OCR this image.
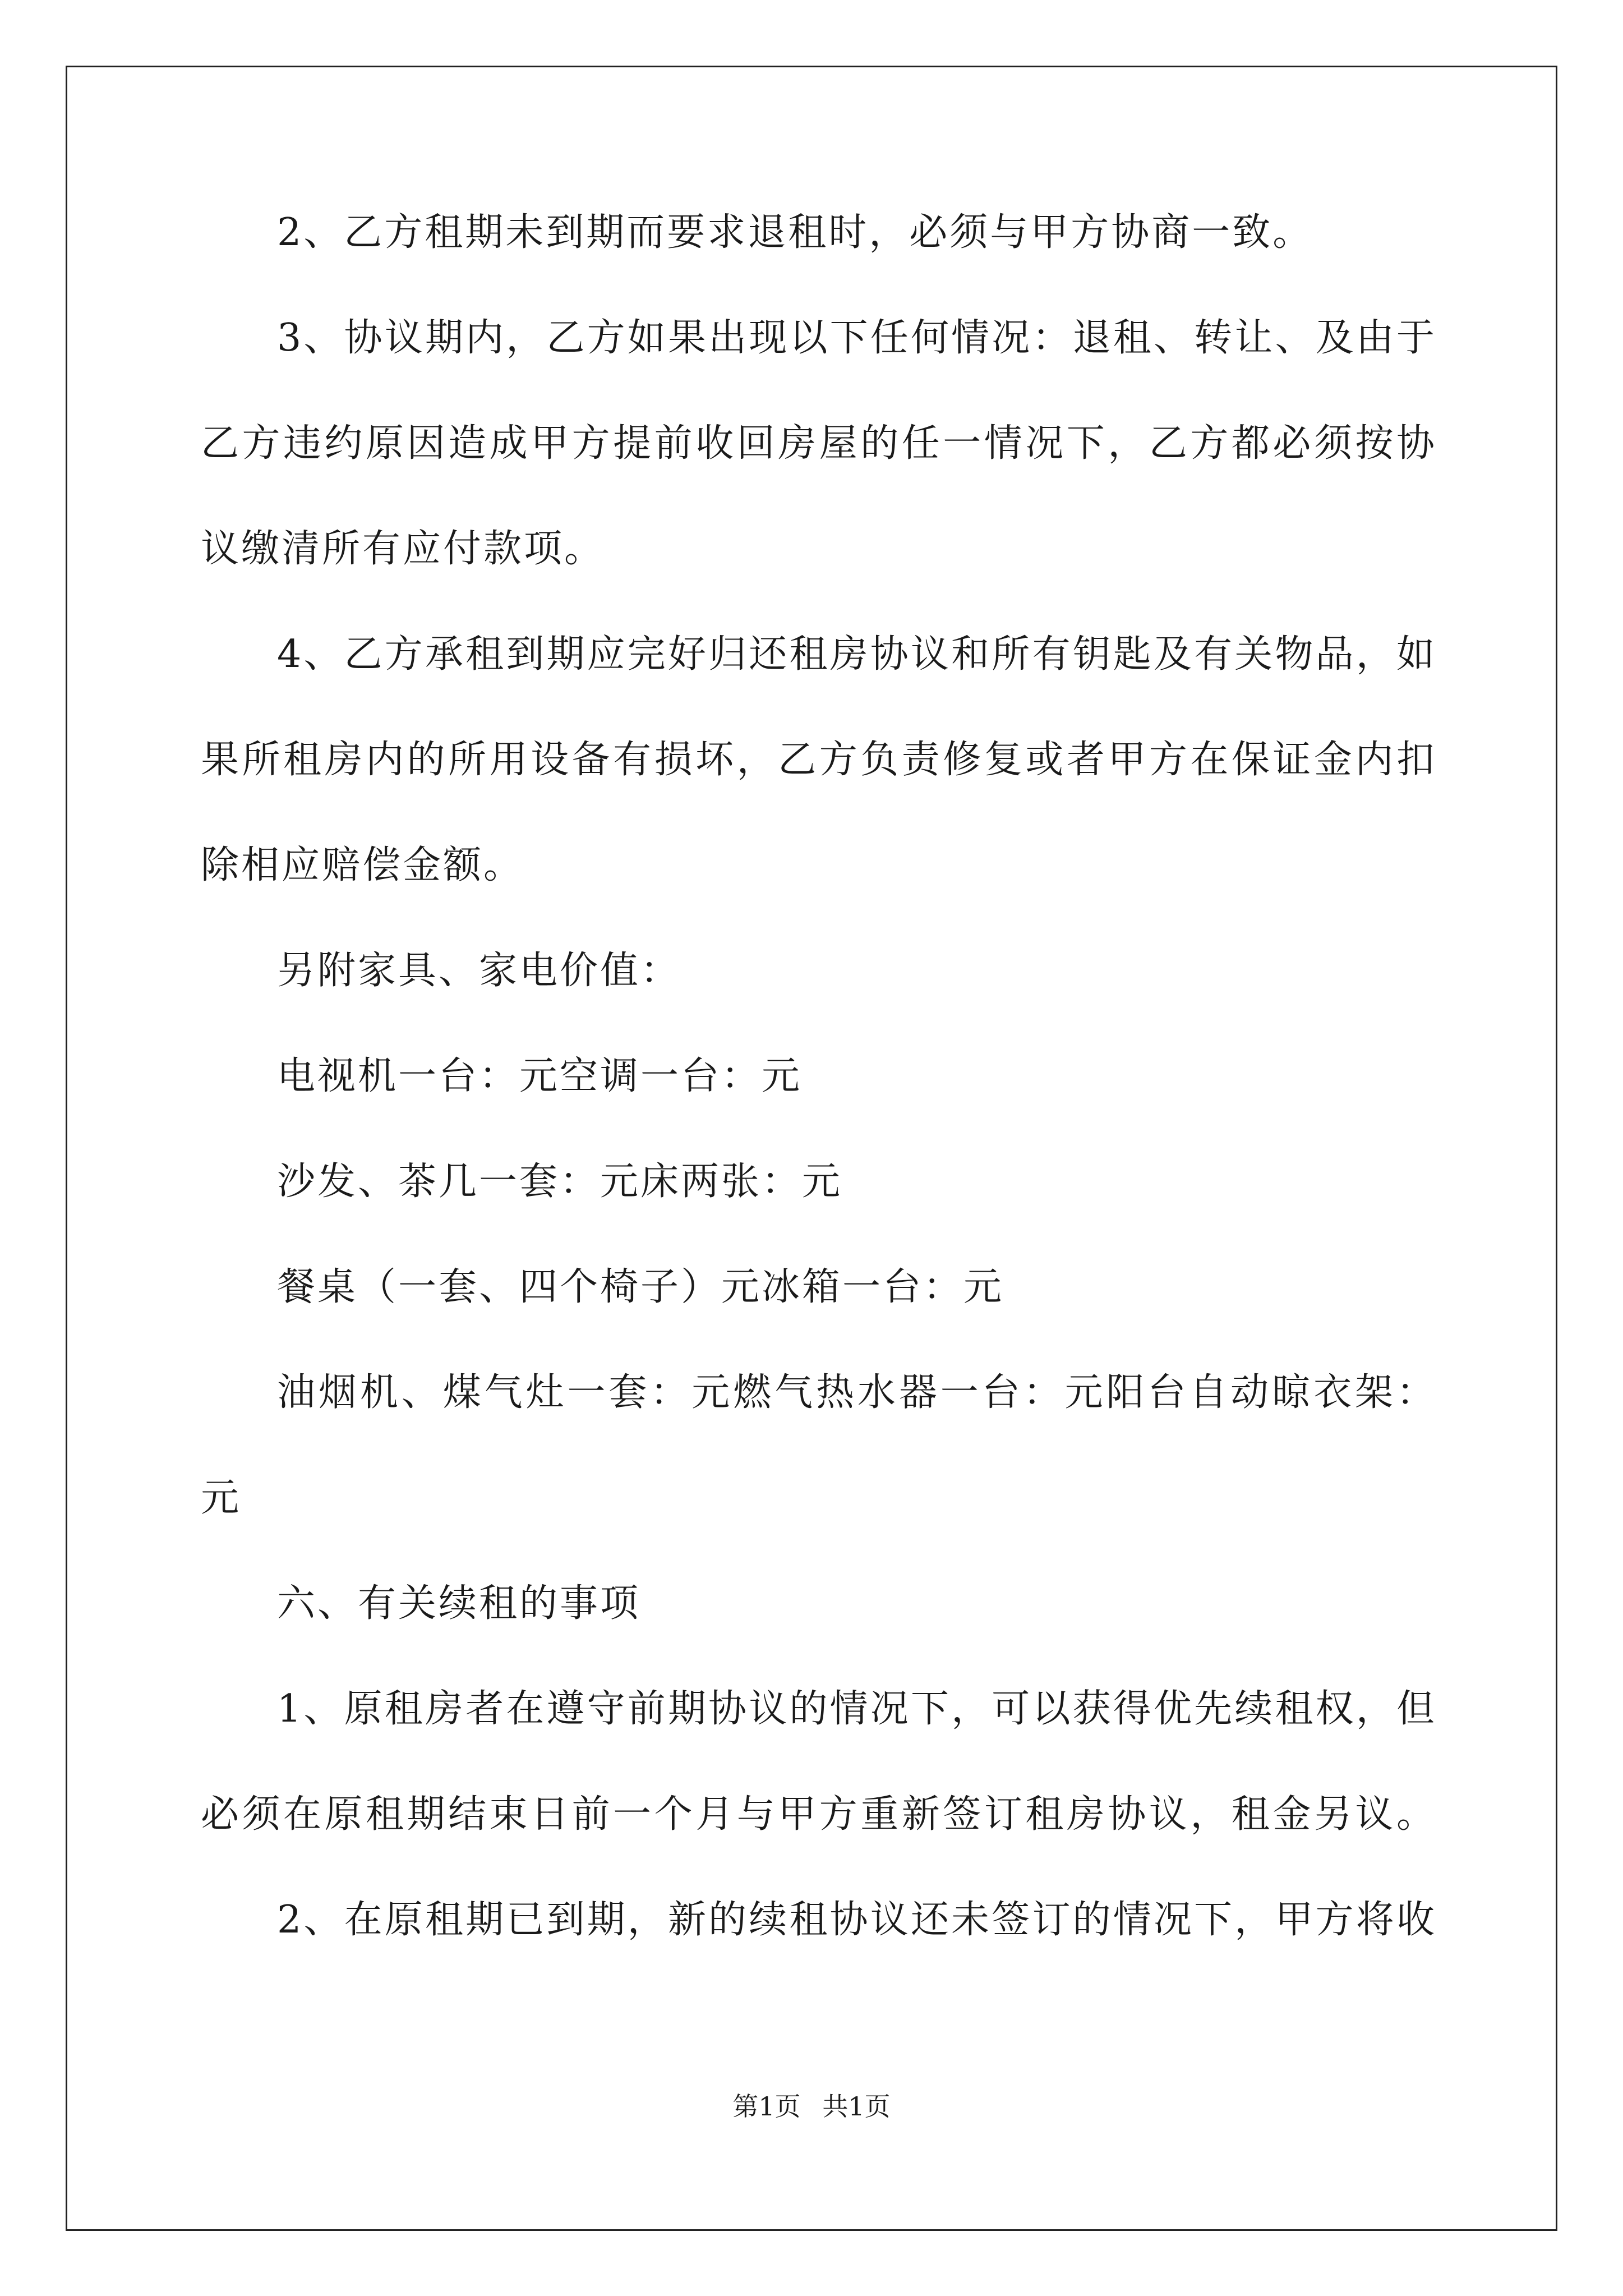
2、乙方租期未到期而要求退租时，必须与甲方协商一致。
3、协议期内，乙方如果出现以下任何情况：退租、转让、及由于
乙方违约原因造成甲方提前收回房屋的任一情况下，乙方都必须按协
议缴清所有应付款项。
4、乙方承租到期应完好归还租房协议和所有钥匙及有关物品，如
果所租房内的所用设备有损坏，乙方负责修复或者甲方在保证金内扣
除相应赔偿金额。
另附家具、家电价值：
电视机一台：元空调一台：元
沙发、茶几一套：元床两张：元
餐桌（一套、四个椅子）元冰箱一台：元
油烟机、煤气灶一套：元燃气热水器一台：元阳台自动晾衣架：
元
六、有关续租的事项
1、原租房者在遵守前期协议的情况下，可以获得优先续租权，但
必须在原租期结束日前一个月与甲方重新签订租房协议，租金另议。
2、在原租期已到期，新的续租协议还未签订的情况下，甲方将收
第1页 共1页
